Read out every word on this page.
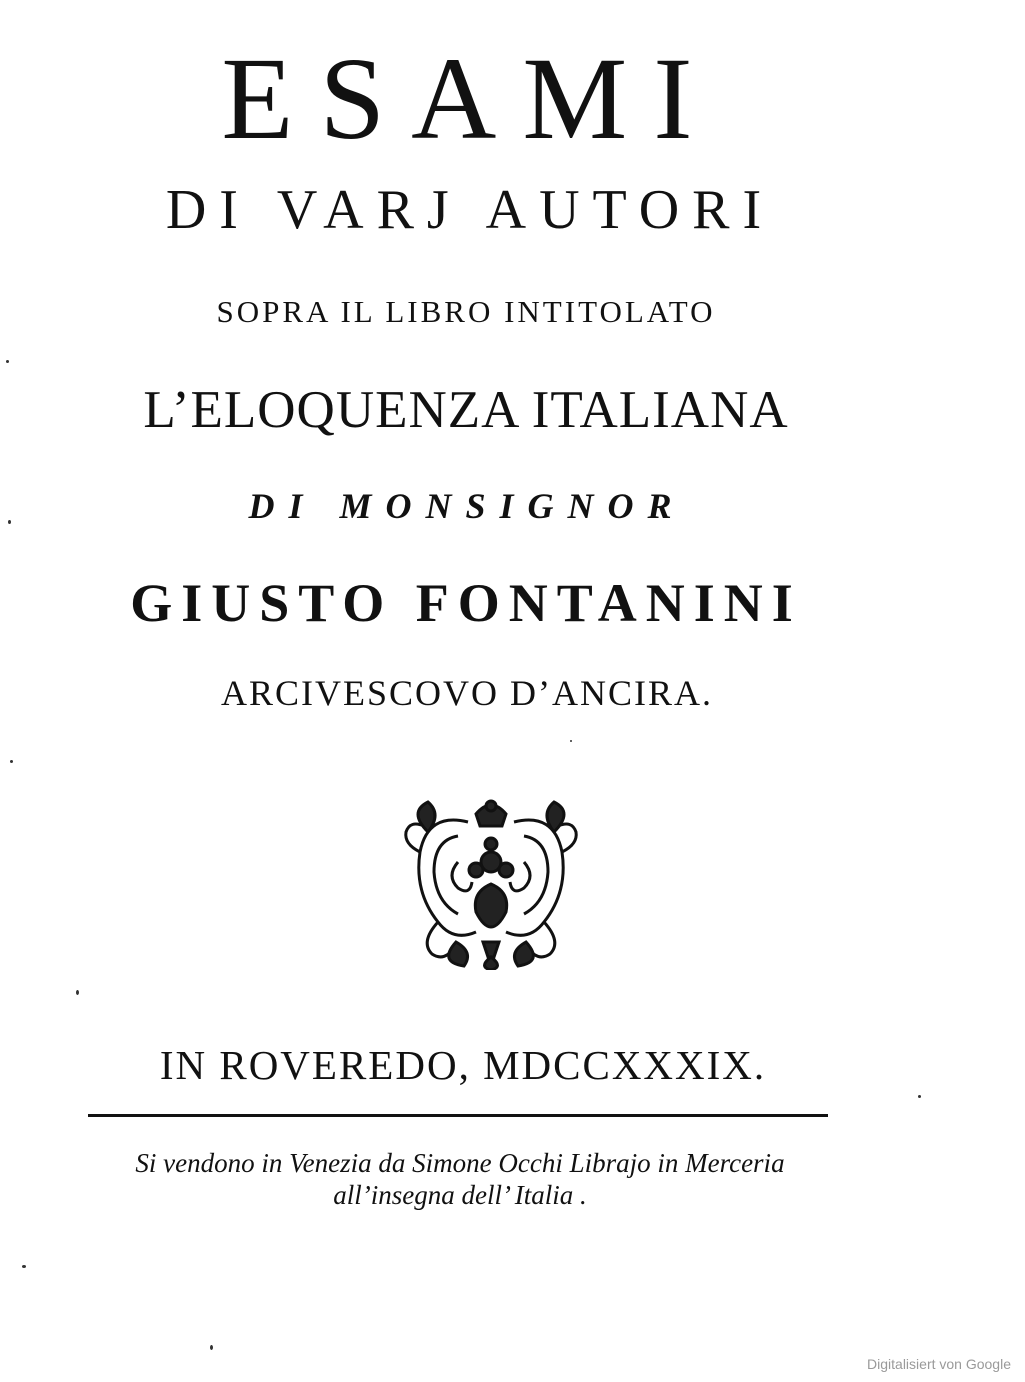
ESAMI
DI VARJ AUTORI
SOPRA IL LIBRO INTITOLATO
L’ELOQUENZA ITALIANA
DI MONSIGNOR
GIUSTO FONTANINI
ARCIVESCOVO D’ANCIRA.
IN ROVEREDO, MDCCXXXIX.
Si vendono in Venezia da Simone Occhi Librajo in Merceria
all’insegna dell’ Italia .
Digitalisiert von Google
